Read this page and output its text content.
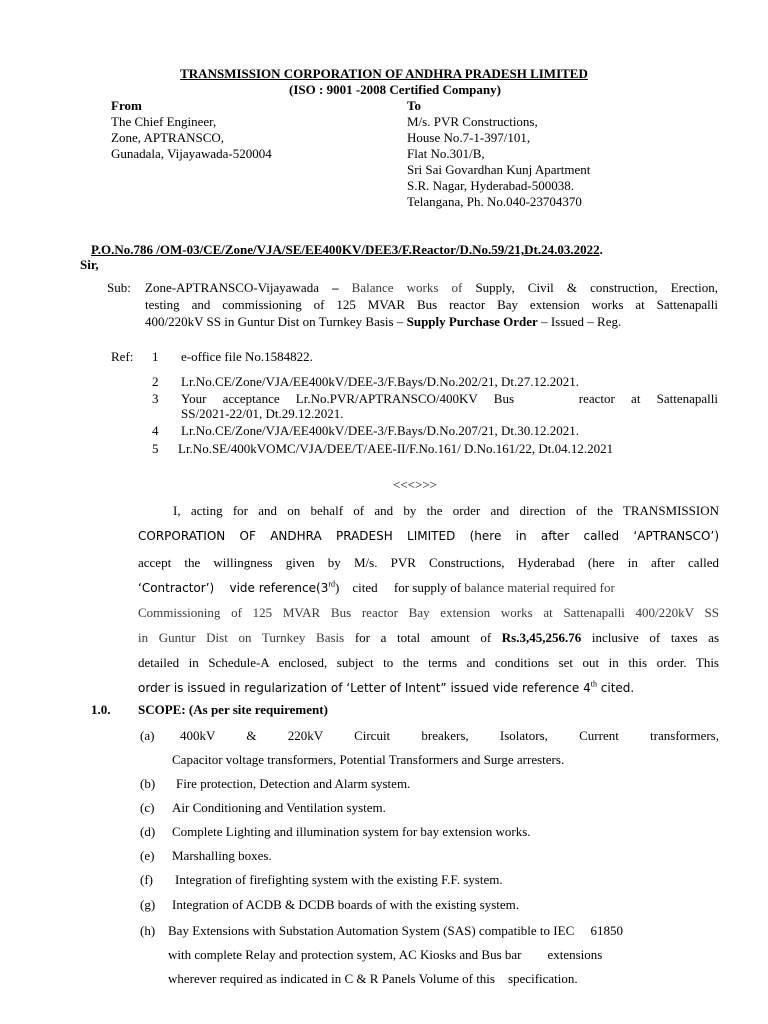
TRANSMISSION CORPORATION OF ANDHRA PRADESH LIMITED
(ISO : 9001 -2008 Certified Company)
From
The Chief Engineer,
Zone, APTRANSCO,
Gunadala, Vijayawada-520004
To
M/s. PVR Constructions,
House No.7-1-397/101,
Flat No.301/B,
Sri Sai Govardhan Kunj Apartment
S.R. Nagar, Hyderabad-500038.
Telangana, Ph. No.040-23704370
P.O.No.786 /OM-03/CE/Zone/VJA/SE/EE400KV/DEE3/F.Reactor/D.No.59/21,Dt.24.03.2022.
Sir,
Sub: Zone-APTRANSCO-Vijayawada – Balance works of Supply, Civil & construction, Erection,
testing and commissioning of 125 MVAR Bus reactor Bay extension works at Sattenapalli
400/220kV SS in Guntur Dist on Turnkey Basis – Supply Purchase Order – Issued – Reg.
Ref: 1 e-office file No.1584822.
2 Lr.No.CE/Zone/VJA/EE400kV/DEE-3/F.Bays/D.No.202/21, Dt.27.12.2021.
3 Your acceptance Lr.No.PVR/APTRANSCO/400KV Bus    reactor at Sattenapalli
SS/2021-22/01, Dt.29.12.2021.
4 Lr.No.CE/Zone/VJA/EE400kV/DEE-3/F.Bays/D.No.207/21, Dt.30.12.2021.
5 Lr.No.SE/400kVOMC/VJA/DEE/T/AEE-II/F.No.161/ D.No.161/22, Dt.04.12.2021
<<<>>>
I, acting for and on behalf of and by the order and direction of the TRANSMISSION
CORPORATION OF ANDHRA PRADESH LIMITED (here in after called ‘APTRANSCO’)
accept the willingness given by M/s. PVR Constructions, Hyderabad (here in after called
‘Contractor’)    vide reference(3rd)    cited     for supply of balance material required for
Commissioning of 125 MVAR Bus reactor Bay extension works at Sattenapalli 400/220kV SS
in Guntur Dist on Turnkey Basis for a total amount of Rs.3,45,256.76 inclusive of taxes as
detailed in Schedule-A enclosed, subject to the terms and conditions set out in this order. This
order is issued in regularization of ‘Letter of Intent” issued vide reference 4th cited.
1.0. SCOPE: (As per site requirement)
(a) 400kV     &     220kV     Circuit     breakers,     Isolators,     Current     transformers,
Capacitor voltage transformers, Potential Transformers and Surge arresters.
(b) Fire protection, Detection and Alarm system.
(c) Air Conditioning and Ventilation system.
(d) Complete Lighting and illumination system for bay extension works.
(e) Marshalling boxes.
(f) Integration of firefighting system with the existing F.F. system.
(g) Integration of ACDB & DCDB boards of with the existing system.
(h) Bay Extensions with Substation Automation System (SAS) compatible to IEC     61850
with complete Relay and protection system, AC Kiosks and Bus bar        extensions
wherever required as indicated in C & R Panels Volume of this    specification.
